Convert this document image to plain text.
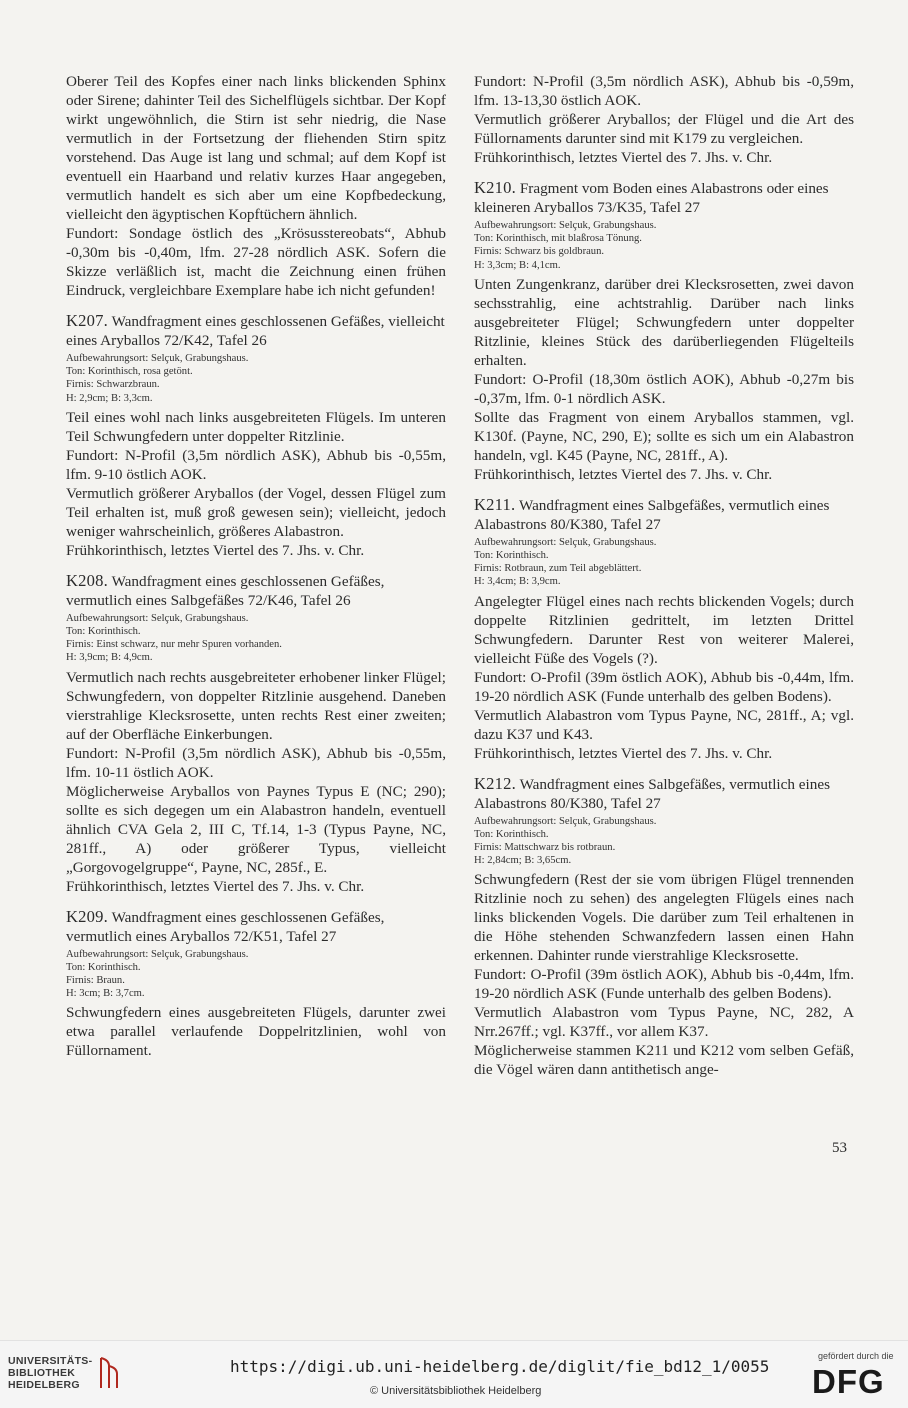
Oberer Teil des Kopfes einer nach links blickenden Sphinx oder Sirene; dahinter Teil des Sichelflügels sichtbar. Der Kopf wirkt ungewöhnlich, die Stirn ist sehr niedrig, die Nase vermutlich in der Fortsetzung der fliehenden Stirn spitz vorstehend. Das Auge ist lang und schmal; auf dem Kopf ist eventuell ein Haarband und relativ kurzes Haar angegeben, vermutlich handelt es sich aber um eine Kopfbedeckung, vielleicht den ägyptischen Kopftüchern ähnlich.

Fundort: Sondage östlich des „Krösusstereobats“, Abhub -0,30m bis -0,40m, lfm. 27-28 nördlich ASK. Sofern die Skizze verläßlich ist, macht die Zeichnung einen frühen Eindruck, vergleichbare Exemplare habe ich nicht gefunden!

K207. Wandfragment eines geschlossenen Gefäßes, vielleicht eines Aryballos 72/K42, Tafel 26

Aufbewahrungsort: Selçuk, Grabungshaus.
Ton: Korinthisch, rosa getönt.
Firnis: Schwarzbraun.
H: 2,9cm; B: 3,3cm.

Teil eines wohl nach links ausgebreiteten Flügels. Im unteren Teil Schwungfedern unter doppelter Ritzlinie.

Fundort: N-Profil (3,5m nördlich ASK), Abhub bis -0,55m, lfm. 9-10 östlich AOK.

Vermutlich größerer Aryballos (der Vogel, dessen Flügel zum Teil erhalten ist, muß groß gewesen sein); vielleicht, jedoch weniger wahrscheinlich, größeres Alabastron.

Frühkorinthisch, letztes Viertel des 7. Jhs. v. Chr.

K208. Wandfragment eines geschlossenen Gefäßes, vermutlich eines Salbgefäßes 72/K46, Tafel 26

Aufbewahrungsort: Selçuk, Grabungshaus.
Ton: Korinthisch.
Firnis: Einst schwarz, nur mehr Spuren vorhanden.
H: 3,9cm; B: 4,9cm.

Vermutlich nach rechts ausgebreiteter erhobener linker Flügel; Schwungfedern, von doppelter Ritzlinie ausgehend. Daneben vierstrahlige Klecksrosette, unten rechts Rest einer zweiten; auf der Oberfläche Einkerbungen.

Fundort: N-Profil (3,5m nördlich ASK), Abhub bis -0,55m, lfm. 10-11 östlich AOK.

Möglicherweise Aryballos von Paynes Typus E (NC; 290); sollte es sich degegen um ein Alabastron handeln, eventuell ähnlich CVA Gela 2, III C, Tf.14, 1-3 (Typus Payne, NC, 281ff., A) oder größerer Typus, vielleicht „Gorgovogelgruppe“, Payne, NC, 285f., E.

Frühkorinthisch, letztes Viertel des 7. Jhs. v. Chr.

K209. Wandfragment eines geschlossenen Gefäßes, vermutlich eines Aryballos 72/K51, Tafel 27

Aufbewahrungsort: Selçuk, Grabungshaus.
Ton: Korinthisch.
Firnis: Braun.
H: 3cm; B: 3,7cm.

Schwungfedern eines ausgebreiteten Flügels, darunter zwei etwa parallel verlaufende Doppelritzlinien, wohl von Füllornament.

Fundort: N-Profil (3,5m nördlich ASK), Abhub bis -0,59m, lfm. 13-13,30 östlich AOK.

Vermutlich größerer Aryballos; der Flügel und die Art des Füllornaments darunter sind mit K179 zu vergleichen.

Frühkorinthisch, letztes Viertel des 7. Jhs. v. Chr.

K210. Fragment vom Boden eines Alabastrons oder eines kleineren Aryballos 73/K35, Tafel 27

Aufbewahrungsort: Selçuk, Grabungshaus.
Ton: Korinthisch, mit blaßrosa Tönung.
Firnis: Schwarz bis goldbraun.
H: 3,3cm; B: 4,1cm.

Unten Zungenkranz, darüber drei Klecksrosetten, zwei davon sechsstrahlig, eine achtstrahlig. Darüber nach links ausgebreiteter Flügel; Schwungfedern unter doppelter Ritzlinie, kleines Stück des darüberliegenden Flügelteils erhalten.

Fundort: O-Profil (18,30m östlich AOK), Abhub -0,27m bis -0,37m, lfm. 0-1 nördlich ASK.

Sollte das Fragment von einem Aryballos stammen, vgl. K130f. (Payne, NC, 290, E); sollte es sich um ein Alabastron handeln, vgl. K45 (Payne, NC, 281ff., A).

Frühkorinthisch, letztes Viertel des 7. Jhs. v. Chr.

K211. Wandfragment eines Salbgefäßes, vermutlich eines Alabastrons 80/K380, Tafel 27

Aufbewahrungsort: Selçuk, Grabungshaus.
Ton: Korinthisch.
Firnis: Rotbraun, zum Teil abgeblättert.
H: 3,4cm; B: 3,9cm.

Angelegter Flügel eines nach rechts blickenden Vogels; durch doppelte Ritzlinien gedrittelt, im letzten Drittel Schwungfedern. Darunter Rest von weiterer Malerei, vielleicht Füße des Vogels (?).

Fundort: O-Profil (39m östlich AOK), Abhub bis -0,44m, lfm. 19-20 nördlich ASK (Funde unterhalb des gelben Bodens).

Vermutlich Alabastron vom Typus Payne, NC, 281ff., A; vgl. dazu K37 und K43.

Frühkorinthisch, letztes Viertel des 7. Jhs. v. Chr.

K212. Wandfragment eines Salbgefäßes, vermutlich eines Alabastrons 80/K380, Tafel 27

Aufbewahrungsort: Selçuk, Grabungshaus.
Ton: Korinthisch.
Firnis: Mattschwarz bis rotbraun.
H: 2,84cm; B: 3,65cm.

Schwungfedern (Rest der sie vom übrigen Flügel trennenden Ritzlinie noch zu sehen) des angelegten Flügels eines nach links blickenden Vogels. Die darüber zum Teil erhaltenen in die Höhe stehenden Schwanzfedern lassen einen Hahn erkennen. Dahinter runde vierstrahlige Klecksrosette.

Fundort: O-Profil (39m östlich AOK), Abhub bis -0,44m, lfm. 19-20 nördlich ASK (Funde unterhalb des gelben Bodens).

Vermutlich Alabastron vom Typus Payne, NC, 282, A Nrr.267ff.; vgl. K37ff., vor allem K37.

Möglicherweise stammen K211 und K212 vom selben Gefäß, die Vögel wären dann antithetisch ange-

53
UNIVERSITÄTS-
BIBLIOTHEK
HEIDELBERG
https://digi.ub.uni-heidelberg.de/diglit/fie_bd12_1/0055
© Universitätsbibliothek Heidelberg
gefördert durch die
DFG
